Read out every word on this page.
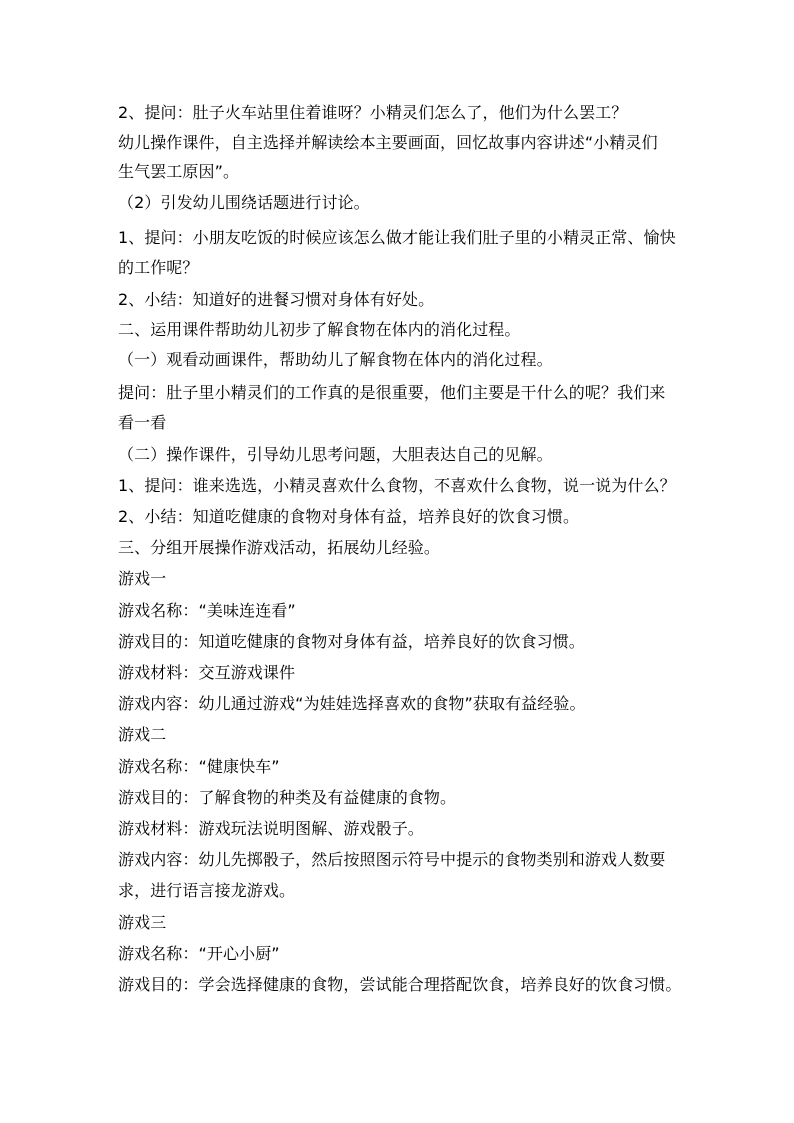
2、提问：肚子火车站里住着谁呀？小精灵们怎么了，他们为什么罢工？
幼儿操作课件，自主选择并解读绘本主要画面，回忆故事内容讲述“小精灵们
生气罢工原因”。
（2）引发幼儿围绕话题进行讨论。
1、提问：小朋友吃饭的时候应该怎么做才能让我们肚子里的小精灵正常、愉快
的工作呢？
2、小结：知道好的进餐习惯对身体有好处。
二、运用课件帮助幼儿初步了解食物在体内的消化过程。
（一）观看动画课件，帮助幼儿了解食物在体内的消化过程。
提问：肚子里小精灵们的工作真的是很重要，他们主要是干什么的呢？我们来
看一看
（二）操作课件，引导幼儿思考问题，大胆表达自己的见解。
1、提问：谁来选选，小精灵喜欢什么食物，不喜欢什么食物，说一说为什么？
2、小结：知道吃健康的食物对身体有益，培养良好的饮食习惯。
三、分组开展操作游戏活动，拓展幼儿经验。
游戏一
游戏名称：“美味连连看”
游戏目的：知道吃健康的食物对身体有益，培养良好的饮食习惯。
游戏材料：交互游戏课件
游戏内容：幼儿通过游戏“为娃娃选择喜欢的食物”获取有益经验。
游戏二
游戏名称：“健康快车”
游戏目的：了解食物的种类及有益健康的食物。
游戏材料：游戏玩法说明图解、游戏骰子。
游戏内容：幼儿先掷骰子，然后按照图示符号中提示的食物类别和游戏人数要
求，进行语言接龙游戏。
游戏三
游戏名称：“开心小厨”
游戏目的：学会选择健康的食物，尝试能合理搭配饮食，培养良好的饮食习惯。
